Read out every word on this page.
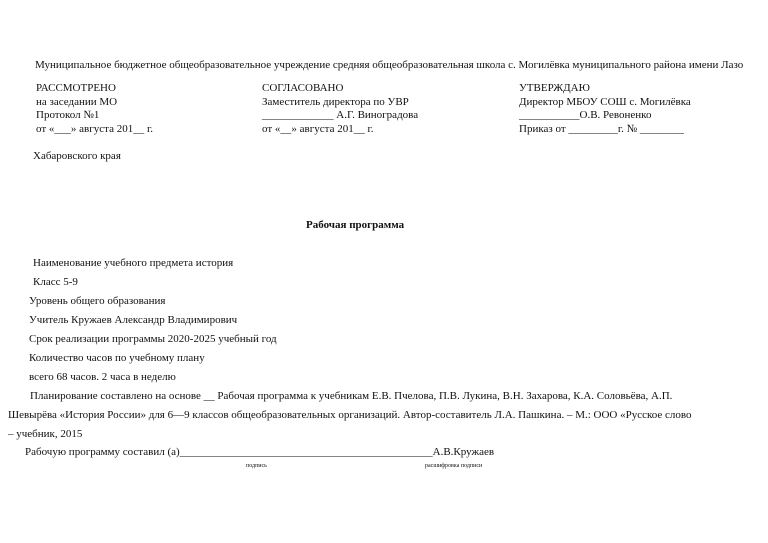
Муниципальное бюджетное общеобразовательное учреждение средняя общеобразовательная школа с. Могилёвка муниципального района имени Лазо
РАССМОТРЕНО
на заседании МО
Протокол №1
от «___» августа 201__ г.
СОГЛАСОВАНО
Заместитель директора по УВР
_____________ А.Г. Виноградова
от «__» августа 201__ г.
УТВЕРЖДАЮ
Директор МБОУ СОШ с. Могилёвка
___________О.В. Ревоненко
Приказ от _________г. № ________
Хабаровского края
Рабочая программа
Наименование учебного предмета история
Класс 5-9
Уровень общего образования
Учитель Кружаев Александр Владимирович
Срок реализации программы 2020-2025 учебный год
Количество часов по учебному плану
всего 68 часов. 2 часа в неделю
Планирование составлено на основе __ Рабочая программа к учебникам Е.В. Пчелова, П.В. Лукина, В.Н. Захарова, К.А. Соловьёва, А.П. Шевырёва «История России» для 6—9 классов общеобразовательных организаций. Автор-составитель Л.А. Пашкина. – М.: ООО «Русское слово – учебник, 2015
Рабочую программу составил (а)______________________________________________А.В.Кружаев
подпись	расшифровка подписи
